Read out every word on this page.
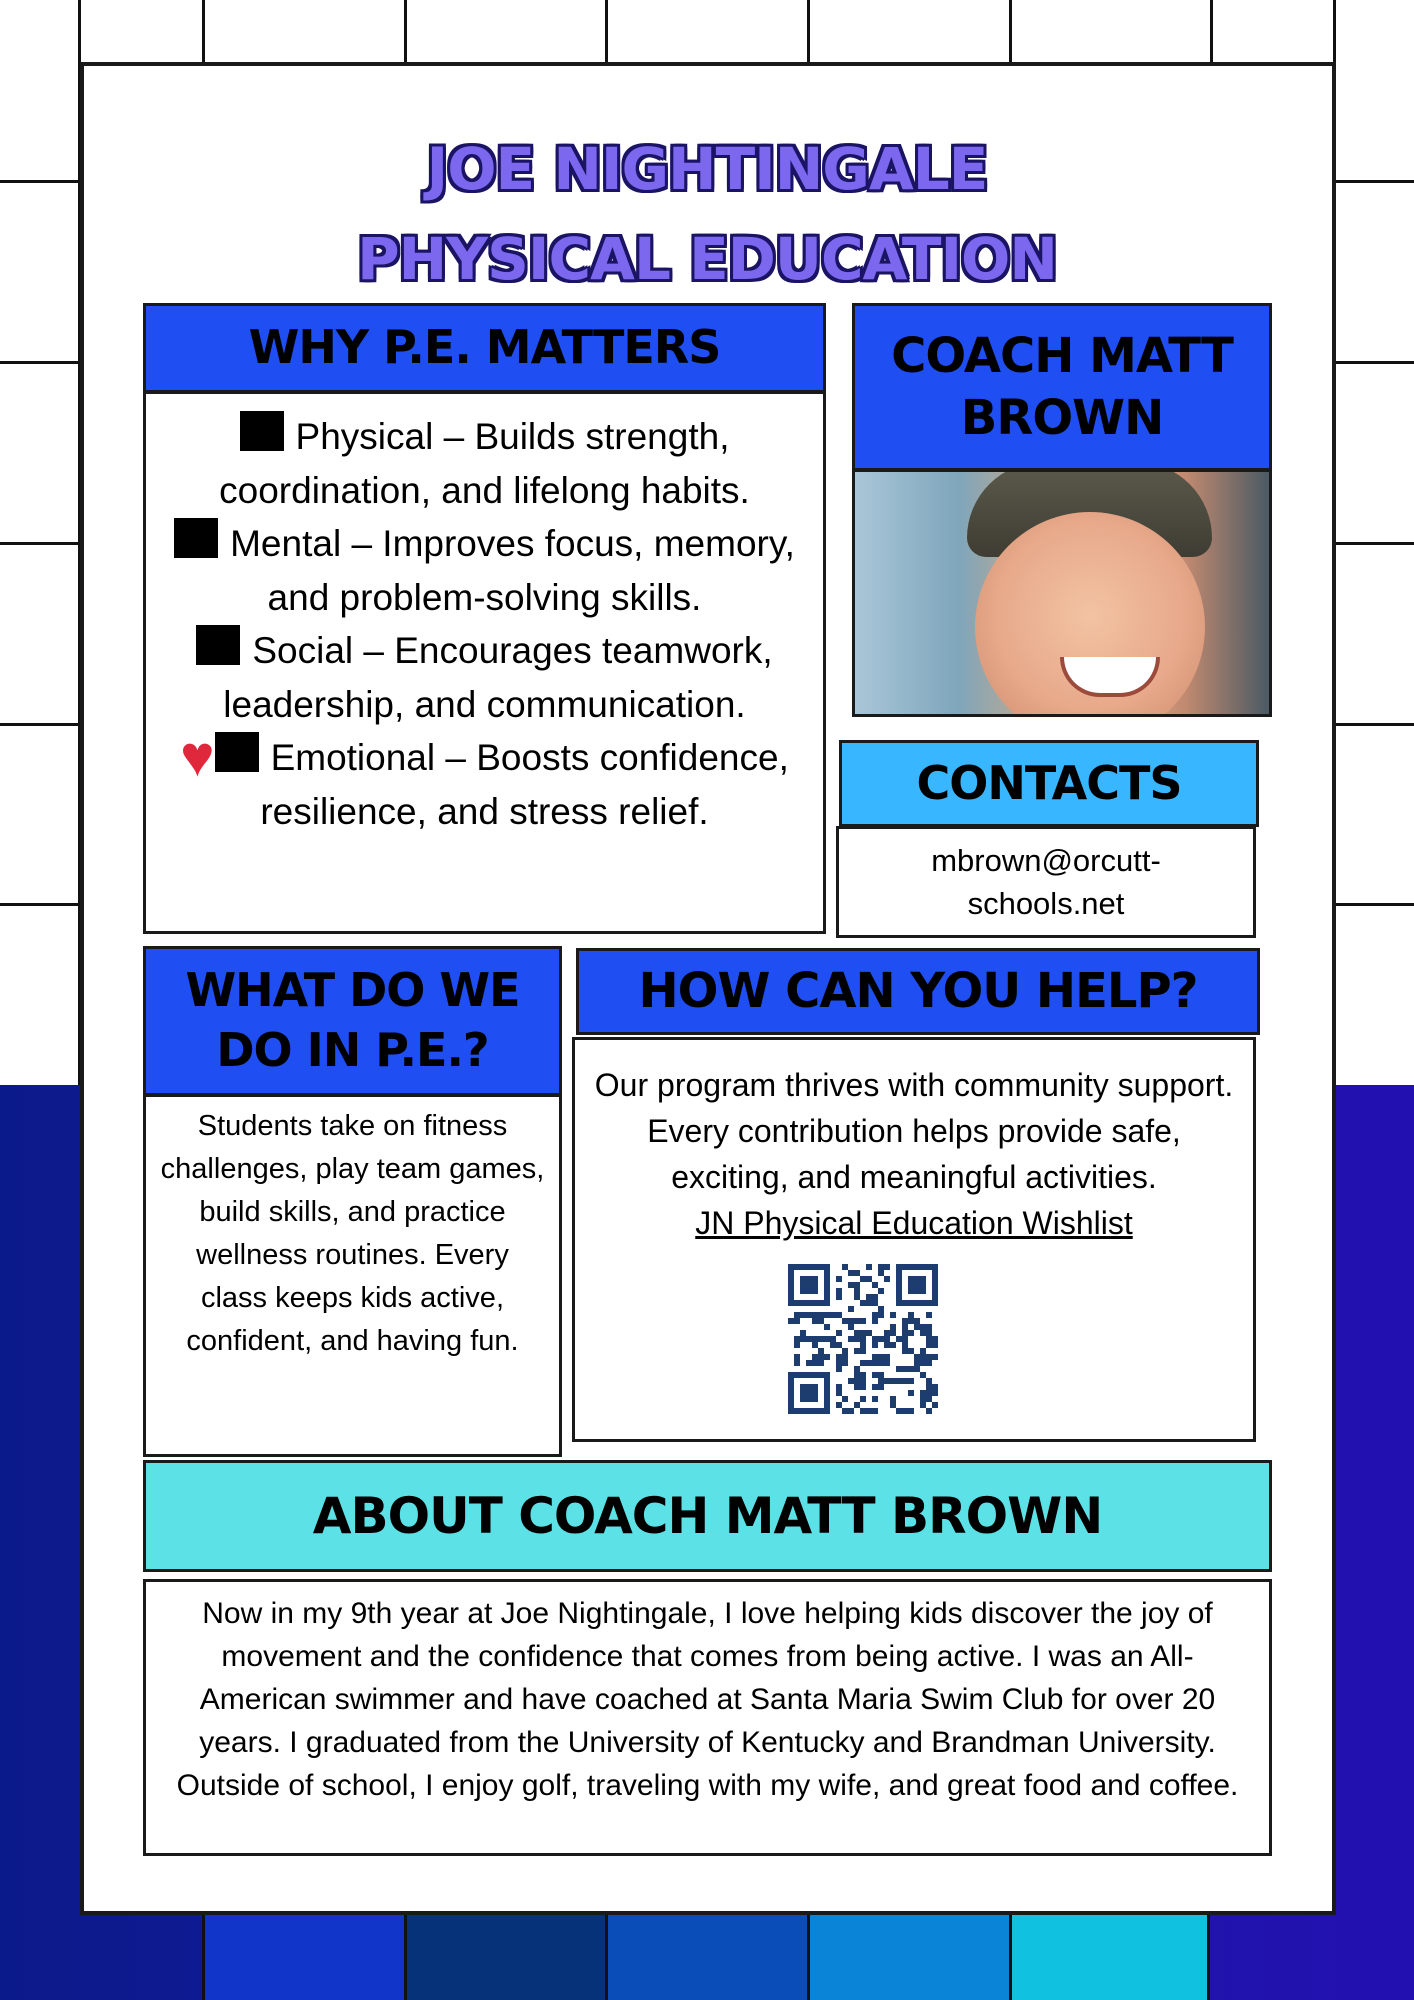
JOE NIGHTINGALE
PHYSICAL EDUCATION
WHY P.E. MATTERS
Physical – Builds strength, coordination, and lifelong habits.
Mental – Improves focus, memory, and problem-solving skills.
Social – Encourages teamwork, leadership, and communication.
♥ Emotional – Boosts confidence, resilience, and stress relief.
COACH MATT BROWN
CONTACTS
mbrown@orcutt-schools.net
WHAT DO WE DO IN P.E.?
Students take on fitness challenges, play team games, build skills, and practice wellness routines. Every class keeps kids active, confident, and having fun.
HOW CAN YOU HELP?
Our program thrives with community support. Every contribution helps provide safe, exciting, and meaningful activities.
JN Physical Education Wishlist
ABOUT COACH MATT BROWN
Now in my 9th year at Joe Nightingale, I love helping kids discover the joy of movement and the confidence that comes from being active. I was an All-American swimmer and have coached at Santa Maria Swim Club for over 20 years. I graduated from the University of Kentucky and Brandman University. Outside of school, I enjoy golf, traveling with my wife, and great food and coffee.
